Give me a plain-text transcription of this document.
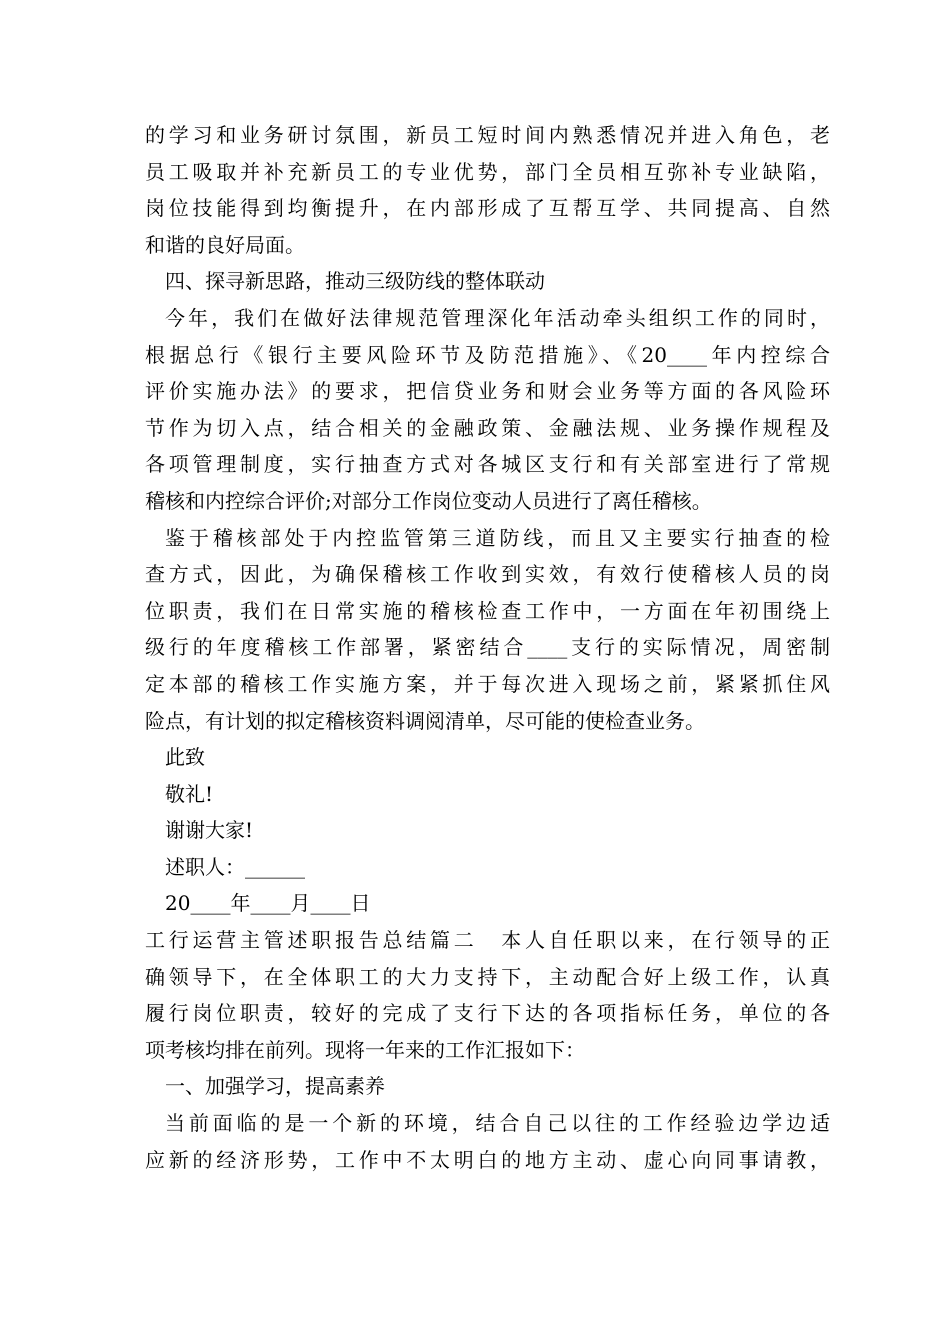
的学习和业务研讨氛围，新员工短时间内熟悉情况并进入角色，老
员工吸取并补充新员工的专业优势，部门全员相互弥补专业缺陷，
岗位技能得到均衡提升，在内部形成了互帮互学、共同提高、自然
和谐的良好局面。
四、探寻新思路，推动三级防线的整体联动
今年，我们在做好法律规范管理深化年活动牵头组织工作的同时，
根据总行《银行主要风险环节及防范措施》、《20____年内控综合
评价实施办法》的要求，把信贷业务和财会业务等方面的各风险环
节作为切入点，结合相关的金融政策、金融法规、业务操作规程及
各项管理制度，实行抽查方式对各城区支行和有关部室进行了常规
稽核和内控综合评价;对部分工作岗位变动人员进行了离任稽核。
鉴于稽核部处于内控监管第三道防线，而且又主要实行抽查的检
查方式，因此，为确保稽核工作收到实效，有效行使稽核人员的岗
位职责，我们在日常实施的稽核检查工作中，一方面在年初围绕上
级行的年度稽核工作部署，紧密结合____支行的实际情况，周密制
定本部的稽核工作实施方案，并于每次进入现场之前，紧紧抓住风
险点，有计划的拟定稽核资料调阅清单，尽可能的使检查业务。
此致
敬礼!
谢谢大家!
述职人：______
20____年____月____日
工行运营主管述职报告总结篇二　本人自任职以来，在行领导的正
确领导下，在全体职工的大力支持下，主动配合好上级工作，认真
履行岗位职责，较好的完成了支行下达的各项指标任务，单位的各
项考核均排在前列。现将一年来的工作汇报如下：
一、加强学习，提高素养
当前面临的是一个新的环境，结合自己以往的工作经验边学边适
应新的经济形势，工作中不太明白的地方主动、虚心向同事请教，
